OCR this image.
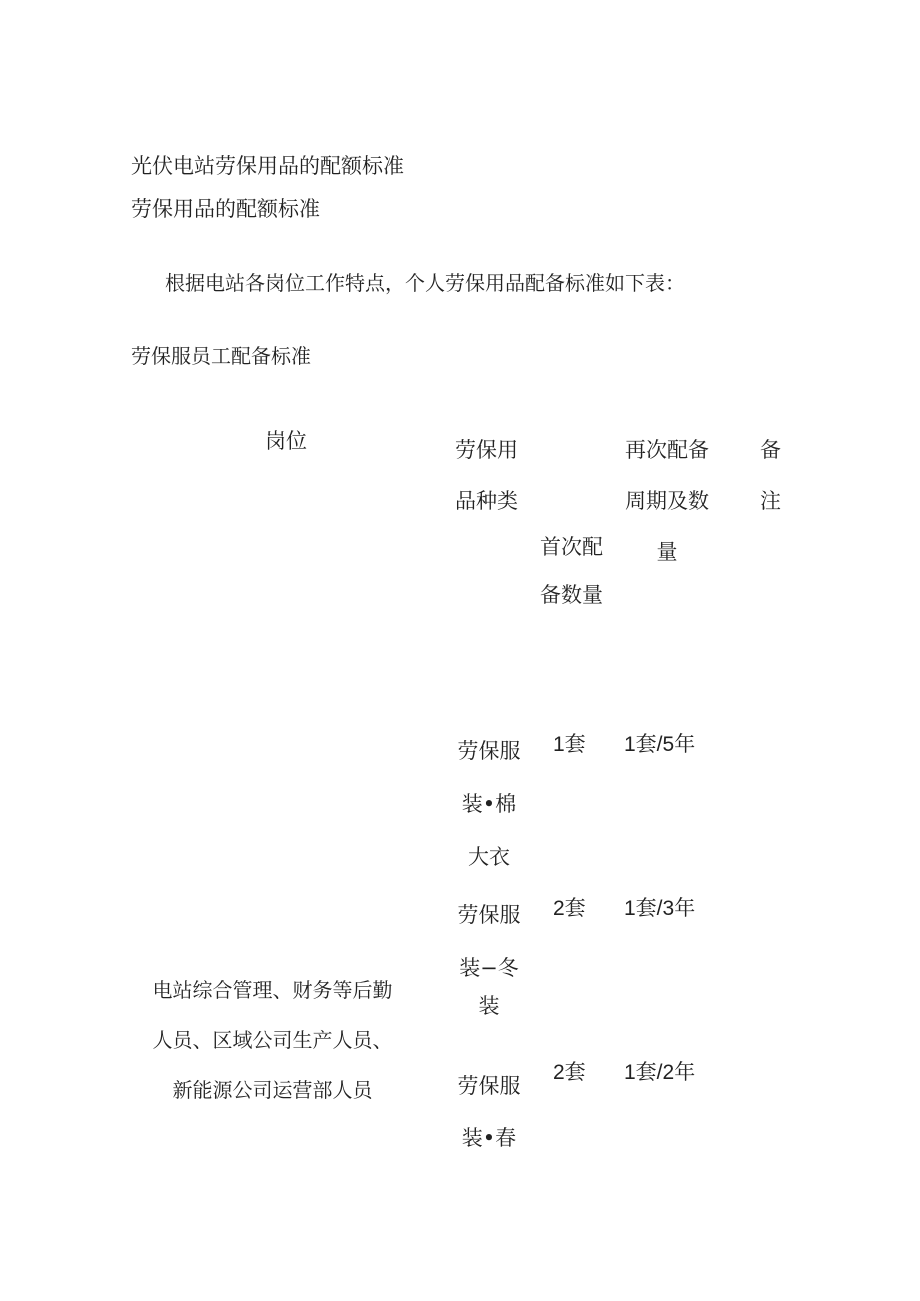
光伏电站劳保用品的配额标准
劳保用品的配额标准
根据电站各岗位工作特点，个人劳保用品配备标准如下表：
劳保服员工配备标准
岗位	劳保用
品种类
首次配
备数量
再次配备
周期及数
量
备
注
劳保服
装•棉
大衣
1套 1套/5年
劳保服
装−冬
装
2套 1套/3年
电站综合管理、财务等后勤
人员、区域公司生产人员、
新能源公司运营部人员	劳保服
装•春
2套 1套/2年
